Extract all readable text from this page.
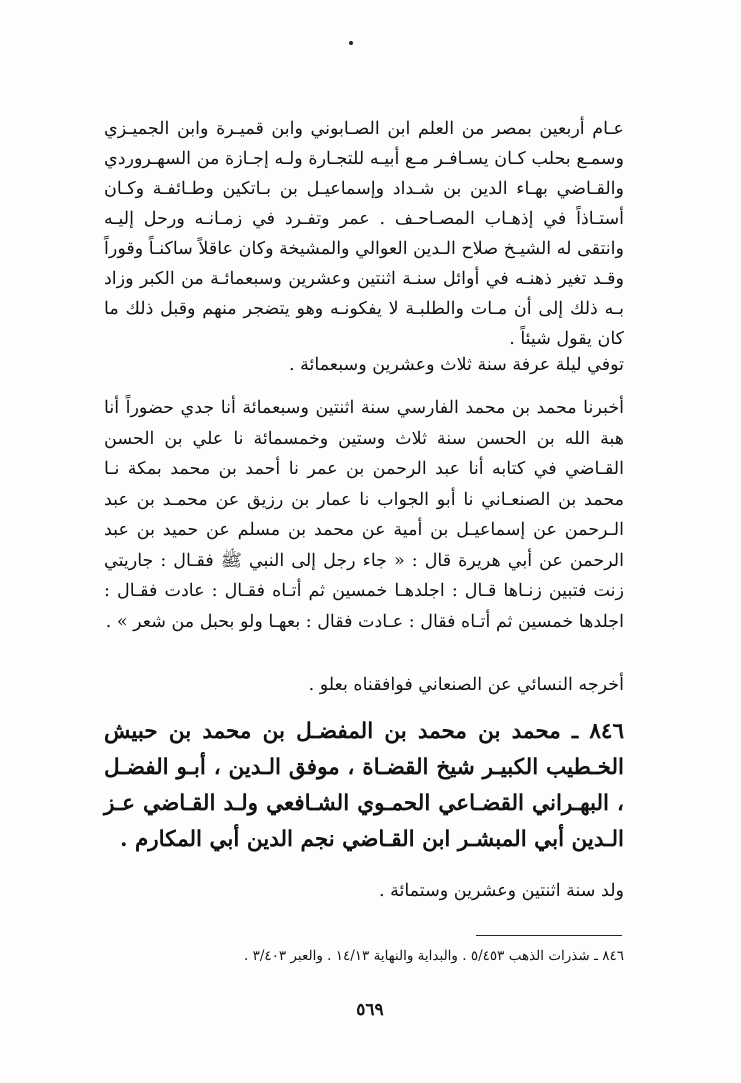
عـام أربعين بمصر من العلم ابن الصـابوني وابن قميـرة وابن الجميـزي وسمـع بحلب كـان يسـافـر مـع أبيـه للتجـارة ولـه إجـازة من السهـروردي والقـاضي بهـاء الدين بن شـداد وإسماعيـل بن بـاتكين وطـائفـة وكـان أستـاذاً في إذهـاب المصـاحـف . عمر وتفـرد في زمـانـه ورحل إليـه وانتقى له الشيـخ صلاح الـدين العوالي والمشيخة وكان عاقلاً ساكنـاً وقوراً وقـد تغير ذهنـه في أوائل سنـة اثنتين وعشرين وسبعمائـة من الكبر وزاد بـه ذلك إلى أن مـات والطلبـة لا يفكونـه وهو يتضجر منهم وقبل ذلك ما كان يقول شيئاً .

توفي ليلة عرفة سنة ثلاث وعشرين وسبعمائة .

أخبرنا محمد بن محمد الفارسي سنة اثنتين وسبعمائة أنا جدي حضوراً أنا هبة الله بن الحسن سنة ثلاث وستين وخمسمائة نا علي بن الحسن القـاضي في كتابه أنا عبد الرحمن بن عمر نا أحمد بن محمد بمكة نـا محمد بن الصنعـاني نا أبو الجواب نا عمار بن رزيق عن محمـد بن عبد الـرحمن عن إسماعيـل بن أمية عن محمد بن مسلم عن حميد بن عبد الرحمن عن أبي هريرة قال : « جاء رجل إلى النبي ﷺ فقـال : جاريتي زنت فتبين زنـاها قـال : اجلدهـا خمسين ثم أتـاه فقـال : عادت فقـال : اجلدها خمسين ثم أتـاه فقال : عـادت فقال : بعهـا ولو بحبل من شعر » .

أخرجه النسائي عن الصنعاني فوافقناه بعلو .

٨٤٦ ـ محمد بن محمد بن المفضـل بن محمد بن حبيش الخـطيب الكبيـر شيخ القضـاة ، موفق الـدين ، أبـو الفضـل ، البهـراني القضـاعي الحمـوي الشـافعي ولـد القـاضي عـز الـدين أبي المبشـر ابن القـاضي نجم الدين أبي المكارم .

ولد سنة اثنتين وعشرين وستمائة .

٨٤٦ ـ شذرات الذهب ٥/٤٥٣ . والبداية والنهاية ١٤/١٣ . والعبر ٣/٤٠٣ .

٥٦٩
